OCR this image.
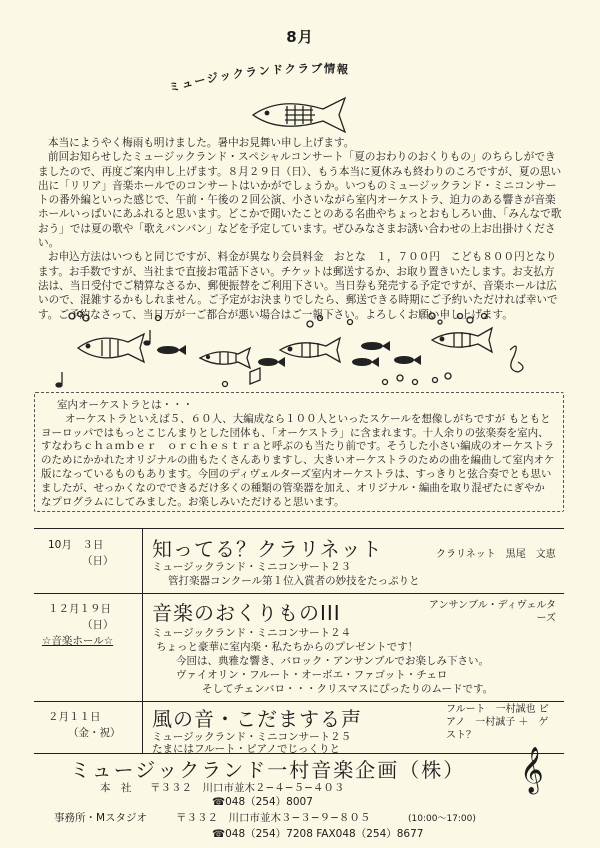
8月
ミュージックランドクラブ情報

本当にようやく梅雨も明けました。暑中お見舞い申し上げます。

前回お知らせしたミュージックランド・スペシャルコンサート「夏のおわりのおくりもの」のちらしができましたので、再度ご案内申し上げます。８月２９日（日）、もう本当に夏休みも終わりのころですが、夏の思い出に「リリア」音楽ホールでのコンサートはいかがでしょうか。いつものミュージックランド・ミニコンサートの番外編といった感じで、午前・午後の２回公演、小さいながら室内オーケストラ、迫力のある響きが音楽ホールいっぱいにあふれると思います。どこかで聞いたことのある名曲やちょっとおもしろい曲、「みんなで歌おう」では夏の歌や「歌えバンバン」などを予定しています。ぜひみなさまお誘い合わせの上お出掛けください。

お申込方法はいつもと同じですが、料金が異なり会員料金　おとな　１，７００円　こども８００円となります。お手数ですが、当社まで直接お電話下さい。チケットは郵送するか、お取り置きいたします。お支払方法は、当日受付でご精算なさるか、郵便振替をご利用下さい。当日券も発売する予定ですが、音楽ホールは広いので、混雑するかもしれません。ご予定がお決まりでしたら、郵送できる時期にご予約いただければ幸いです。ご予約なさって、当日万が一ご都合が悪い場合はご一報下さい。よろしくお願い申し上げます。

室内オーケストラとは・・・

オーケストラといえば５、６０人、大編成なら１００人といったスケールを想像しがちですが もともとヨーロッパではもっとこじんまりとした団体も、「オーケストラ」に含まれます。十人余りの弦楽奏を室内、すなわちｃｈａｍｂｅｒ　ｏｒｃｈｅｓｔｒａと呼ぶのも当たり前です。そうした小さい編成のオーケストラのためにかかれたオリジナルの曲もたくさんありますし、大きいオーケストラのための曲を編曲して室内オケ版になっているものもあります。今回のディヴェルターズ室内オーケストラは、すっきりと弦合奏でとも思いましたが、せっかくなのでできるだけ多くの種類の管楽器を加え、オリジナル・編曲を取り混ぜたにぎやかなプログラムにしてみました。お楽しみいただけると思います。

10月　３日
（日） 知ってる？クラリネット	クラリネット　黒尾　文恵
ミュージックランド・ミニコンサート２３
管打楽器コンクール第１位入賞者の妙技をたっぷりと
１２月１９日
（日）
☆音楽ホール☆
音楽のおくりものIII	アンサンブル・ディヴェルターズ
ミュージックランド・ミニコンサート２４
ちょっと豪華に室内楽・私たちからのプレゼントです！
今回は、典雅な響き、バロック・アンサンブルでお楽しみ下さい。
ヴァイオリン・フルート・オーボエ・ファゴット・チェロ
そしてチェンバロ・・・クリスマスにぴったりのムードです。
２月１１日
（金・祝）
風の音・こだまする声	フルート　一村誠也 ピアノ　一村誠子 ＋　ゲスト？
ミュージックランド・ミニコンサート２５
たまにはフルート・ピアノでじっくりと
ミュージックランド一村音楽企画（株）	𝄞
本　社 〒３３２　川口市並木２−４−５−４０３
☎048（254）8007
事務所・Mスタジオ	〒３３２　川口市並木３−３−９−８０５	(10:00〜17:00)
☎048（254）7208 FAX048（254）8677
